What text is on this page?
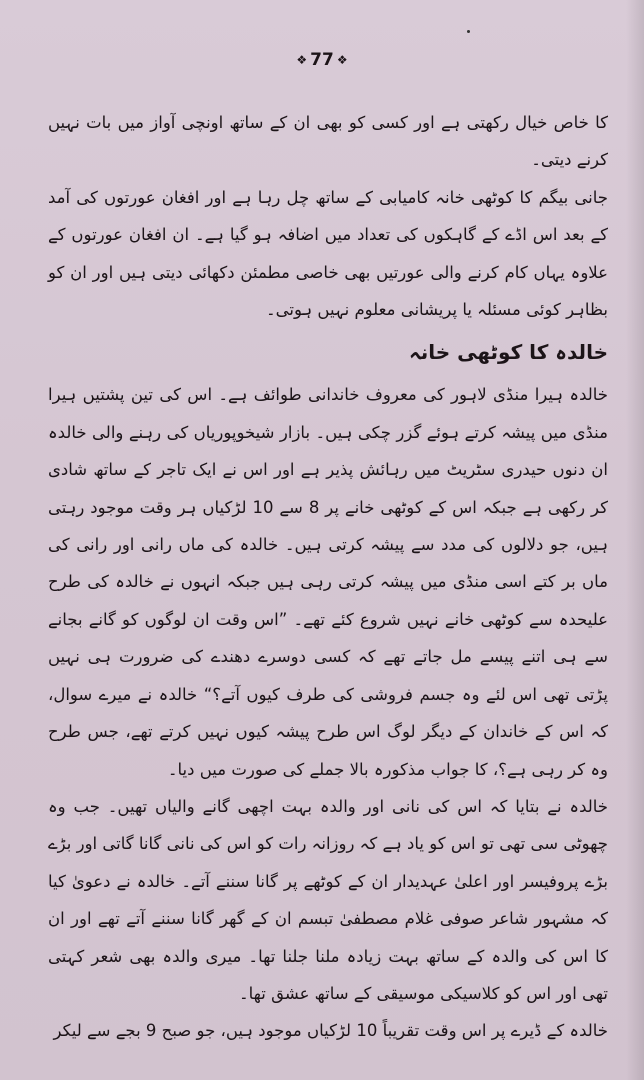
❖ 77 ❖

کا خاص خیال رکھتی ہے اور کسی کو بھی ان کے ساتھ اونچی آواز میں بات نہیں کرنے دیتی۔

جانی بیگم کا کوٹھی خانہ کامیابی کے ساتھ چل رہا ہے اور افغان عورتوں کی آمد کے بعد اس اڈے کے گاہکوں کی تعداد میں اضافہ ہو گیا ہے۔ ان افغان عورتوں کے علاوہ یہاں کام کرنے والی عورتیں بھی خاصی مطمئن دکھائی دیتی ہیں اور ان کو بظاہر کوئی مسئلہ یا پریشانی معلوم نہیں ہوتی۔

خالدہ کا کوٹھی خانہ

خالدہ ہیرا منڈی لاہور کی معروف خاندانی طوائف ہے۔ اس کی تین پشتیں ہیرا منڈی میں پیشہ کرتے ہوئے گزر چکی ہیں۔ بازار شیخوپوریاں کی رہنے والی خالدہ ان دنوں حیدری سٹریٹ میں رہائش پذیر ہے اور اس نے ایک تاجر کے ساتھ شادی کر رکھی ہے جبکہ اس کے کوٹھی خانے پر 8 سے 10 لڑکیاں ہر وقت موجود رہتی ہیں، جو دلالوں کی مدد سے پیشہ کرتی ہیں۔ خالدہ کی ماں رانی اور رانی کی ماں بر کتے اسی منڈی میں پیشہ کرتی رہی ہیں جبکہ انہوں نے خالدہ کی طرح علیحدہ سے کوٹھی خانے نہیں شروع کئے تھے۔ ”اس وقت ان لوگوں کو گانے بجانے سے ہی اتنے پیسے مل جاتے تھے کہ کسی دوسرے دھندے کی ضرورت ہی نہیں پڑتی تھی اس لئے وہ جسم فروشی کی طرف کیوں آتے؟“ خالدہ نے میرے سوال، کہ اس کے خاندان کے دیگر لوگ اس طرح پیشہ کیوں نہیں کرتے تھے، جس طرح وہ کر رہی ہے؟، کا جواب مذکورہ بالا جملے کی صورت میں دیا۔

خالدہ نے بتایا کہ اس کی نانی اور والدہ بہت اچھی گانے والیاں تھیں۔ جب وہ چھوٹی سی تھی تو اس کو یاد ہے کہ روزانہ رات کو اس کی نانی گانا گاتی اور بڑے بڑے پروفیسر اور اعلیٰ عہدیدار ان کے کوٹھے پر گانا سننے آتے۔ خالدہ نے دعویٰ کیا کہ مشہور شاعر صوفی غلام مصطفیٰ تبسم ان کے گھر گانا سننے آتے تھے اور ان کا اس کی والدہ کے ساتھ بہت زیادہ ملنا جلنا تھا۔ میری والدہ بھی شعر کہتی تھی اور اس کو کلاسیکی موسیقی کے ساتھ عشق تھا۔

خالدہ کے ڈیرے پر اس وقت تقریباً 10 لڑکیاں موجود ہیں، جو صبح 9 بجے سے لیکر
